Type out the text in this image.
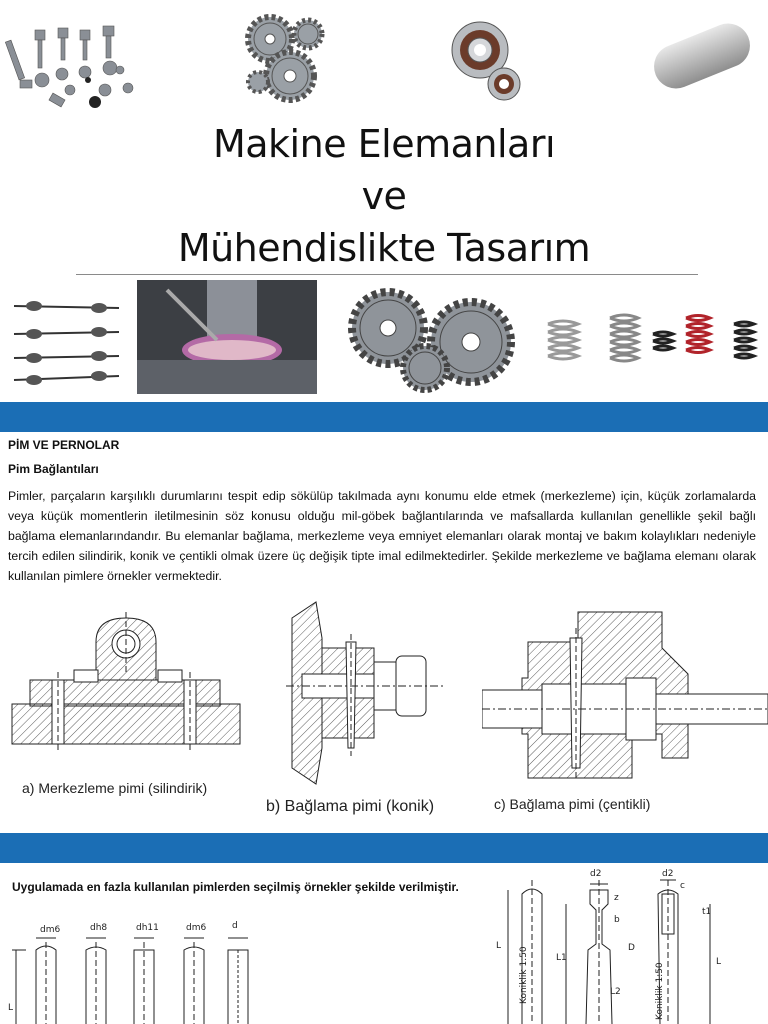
Makine Elemanları
ve
Mühendislikte Tasarım
PİM VE PERNOLAR
Pim Bağlantıları
Pimler, parçaların karşılıklı durumlarını tespit edip sökülüp takılmada aynı konumu elde etmek (merkezleme) için, küçük zorlamalarda veya küçük momentlerin iletilmesinin söz konusu olduğu mil-göbek bağlantılarında ve mafsallarda kullanılan genellikle şekil bağlı bağlama elemanlarındandır. Bu elemanlar bağlama, merkezleme veya emniyet elemanları olarak montaj ve bakım kolaylıkları nedeniyle tercih edilen silindirik, konik ve çentikli olmak üzere üç değişik tipte imal edilmektedirler. Şekilde merkezleme ve bağlama elemanı olarak kullanılan pimlere örnekler vermektedir.
a) Merkezleme pimi (silindirik)
b) Bağlama pimi (konik)	c) Bağlama pimi (çentikli)
Uygulamada en fazla kullanılan pimlerden seçilmiş örnekler şekilde verilmiştir.
dm6	dh8	dh11	dm6	d
L
L
Koniklik 1:50
d2
z
b
D
L1
L2
d2
c
t1
L
Koniklik 1:50
